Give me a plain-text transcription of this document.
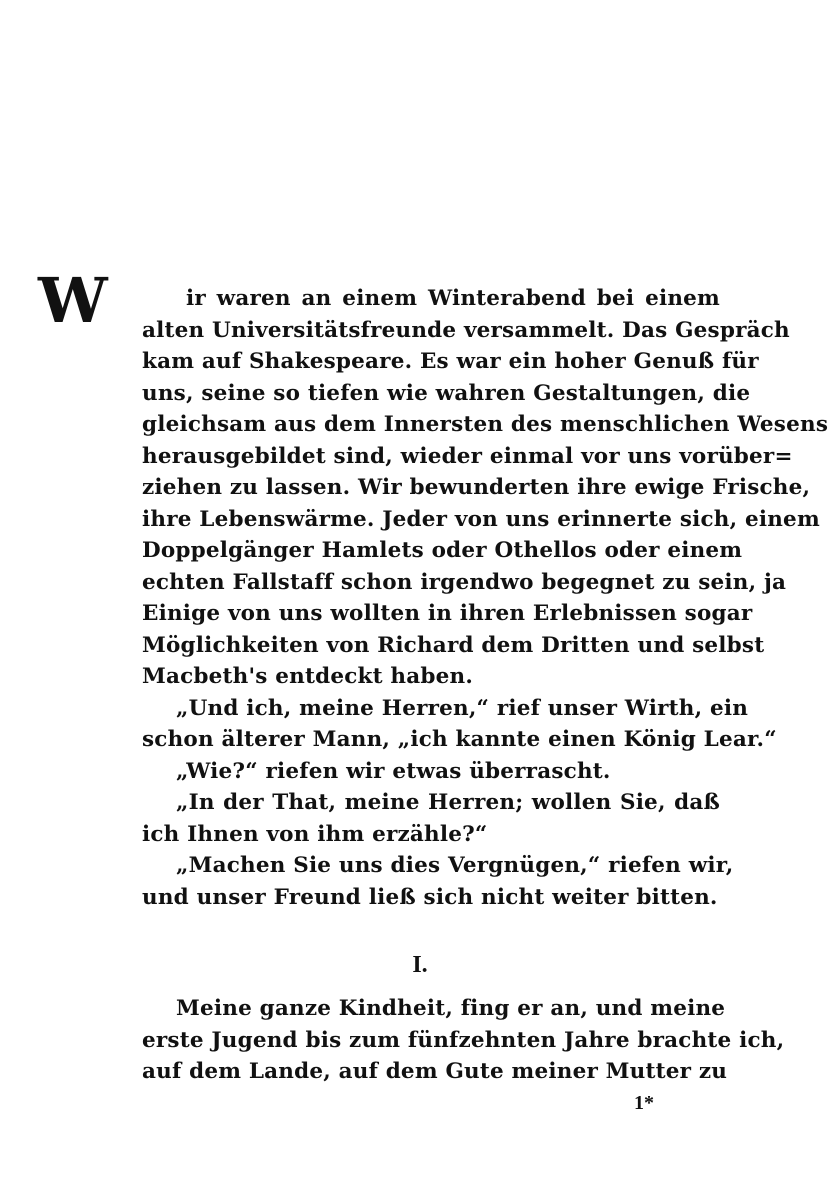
W	ir waren an einem Winterabend bei einem
alten Universitätsfreunde versammelt. Das Gespräch
kam auf Shakespeare. Es war ein hoher Genuß für
uns, seine so tiefen wie wahren Gestaltungen, die
gleichsam aus dem Innersten des menschlichen Wesens
herausgebildet sind, wieder einmal vor uns vorüber=
ziehen zu lassen. Wir bewunderten ihre ewige Frische,
ihre Lebenswärme. Jeder von uns erinnerte sich, einem
Doppelgänger Hamlets oder Othellos oder einem
echten Fallstaff schon irgendwo begegnet zu sein, ja
Einige von uns wollten in ihren Erlebnissen sogar
Möglichkeiten von Richard dem Dritten und selbst
Macbeth's entdeckt haben.
„Und ich, meine Herren,“ rief unser Wirth, ein
schon älterer Mann, „ich kannte einen König Lear.“
„Wie?“ riefen wir etwas überrascht.
„In der That, meine Herren; wollen Sie, daß
ich Ihnen von ihm erzähle?“
„Machen Sie uns dies Vergnügen,“ riefen wir,
und unser Freund ließ sich nicht weiter bitten.
I.
Meine ganze Kindheit, fing er an, und meine
erste Jugend bis zum fünfzehnten Jahre brachte ich,
auf dem Lande, auf dem Gute meiner Mutter zu
1*
